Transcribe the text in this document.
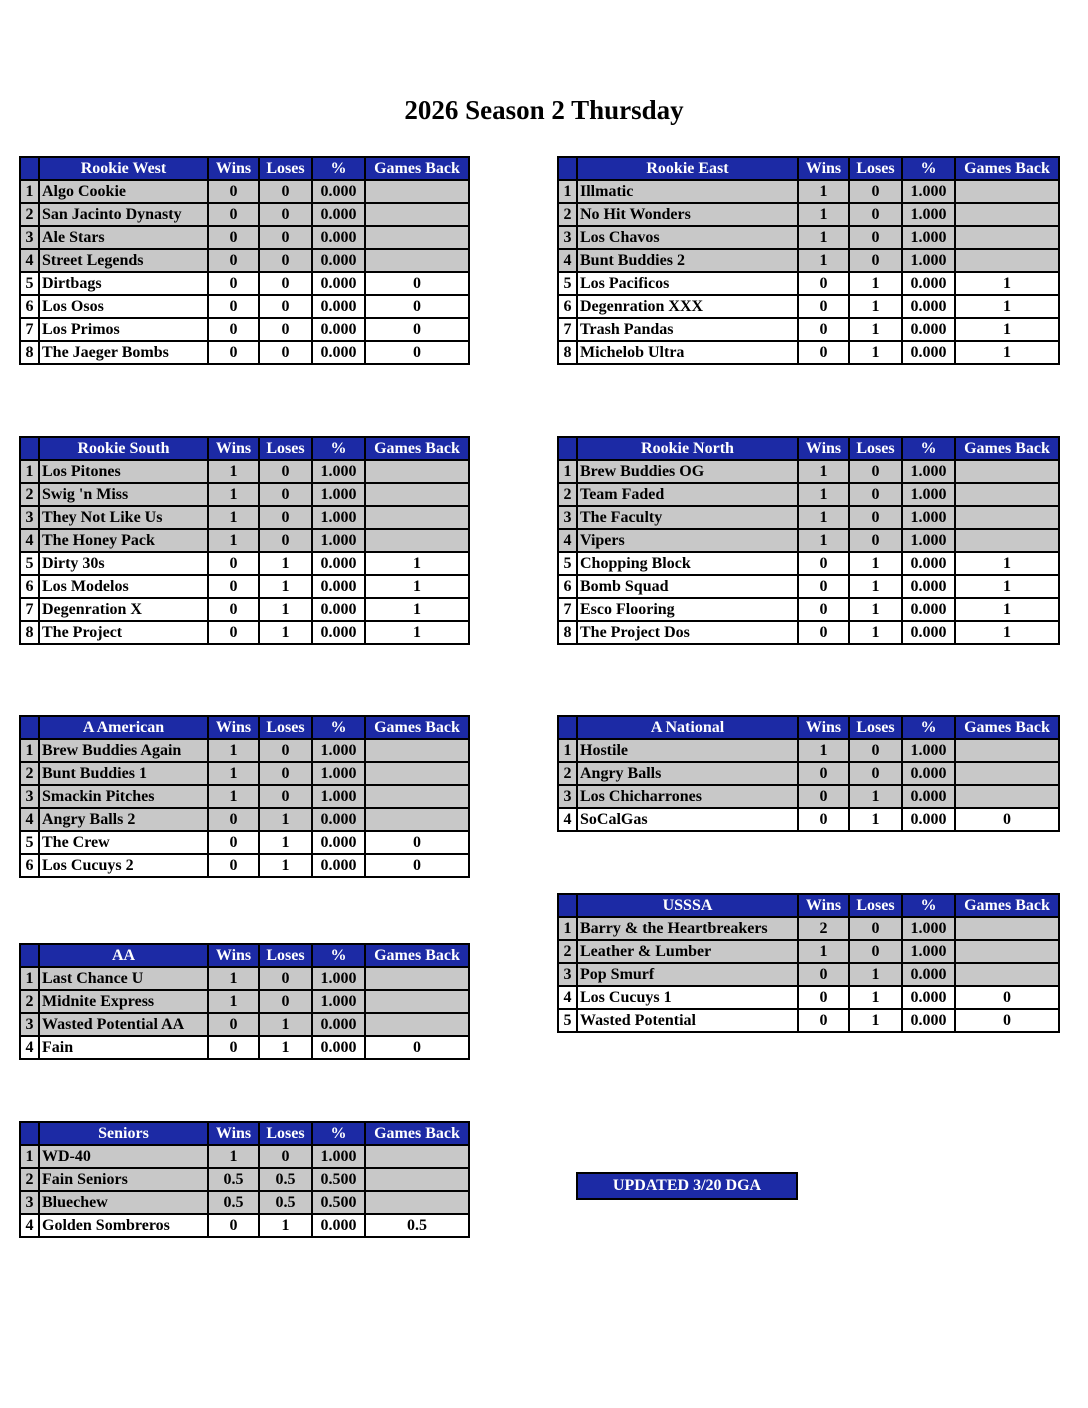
2026 Season 2 Thursday
	Rookie West	Wins	Loses	%	Games Back
1	Algo Cookie	0	0	0.000	
2	San Jacinto Dynasty	0	0	0.000	
3	Ale Stars	0	0	0.000	
4	Street Legends	0	0	0.000	
5	Dirtbags	0	0	0.000	0
6	Los Osos	0	0	0.000	0
7	Los Primos	0	0	0.000	0
8	The Jaeger Bombs	0	0	0.000	0
	Rookie South	Wins	Loses	%	Games Back
1	Los Pitones	1	0	1.000	
2	Swig 'n Miss	1	0	1.000	
3	They Not Like Us	1	0	1.000	
4	The Honey Pack	1	0	1.000	
5	Dirty 30s	0	1	0.000	1
6	Los Modelos	0	1	0.000	1
7	Degenration X	0	1	0.000	1
8	The Project	0	1	0.000	1
	A American	Wins	Loses	%	Games Back
1	Brew Buddies Again	1	0	1.000	
2	Bunt Buddies 1	1	0	1.000	
3	Smackin Pitches	1	0	1.000	
4	Angry Balls 2	0	1	0.000	
5	The Crew	0	1	0.000	0
6	Los Cucuys 2	0	1	0.000	0
	AA	Wins	Loses	%	Games Back
1	Last Chance U	1	0	1.000	
2	Midnite Express	1	0	1.000	
3	Wasted Potential AA	0	1	0.000	
4	Fain	0	1	0.000	0
	Seniors	Wins	Loses	%	Games Back
1	WD-40	1	0	1.000	
2	Fain Seniors	0.5	0.5	0.500	
3	Bluechew	0.5	0.5	0.500	
4	Golden Sombreros	0	1	0.000	0.5
	Rookie East	Wins	Loses	%	Games Back
1	Illmatic	1	0	1.000	
2	No Hit Wonders	1	0	1.000	
3	Los Chavos	1	0	1.000	
4	Bunt Buddies 2	1	0	1.000	
5	Los Pacificos	0	1	0.000	1
6	Degenration XXX	0	1	0.000	1
7	Trash Pandas	0	1	0.000	1
8	Michelob Ultra	0	1	0.000	1
	Rookie North	Wins	Loses	%	Games Back
1	Brew Buddies OG	1	0	1.000	
2	Team Faded	1	0	1.000	
3	The Faculty	1	0	1.000	
4	Vipers	1	0	1.000	
5	Chopping Block	0	1	0.000	1
6	Bomb Squad	0	1	0.000	1
7	Esco Flooring	0	1	0.000	1
8	The Project Dos	0	1	0.000	1
	A National	Wins	Loses	%	Games Back
1	Hostile	1	0	1.000	
2	Angry Balls	0	0	0.000	
3	Los Chicharrones	0	1	0.000	
4	SoCalGas	0	1	0.000	0
	USSSA	Wins	Loses	%	Games Back
1	Barry & the Heartbreakers	2	0	1.000	
2	Leather & Lumber	1	0	1.000	
3	Pop Smurf	0	1	0.000	
4	Los Cucuys 1	0	1	0.000	0
5	Wasted Potential	0	1	0.000	0
UPDATED 3/20 DGA
